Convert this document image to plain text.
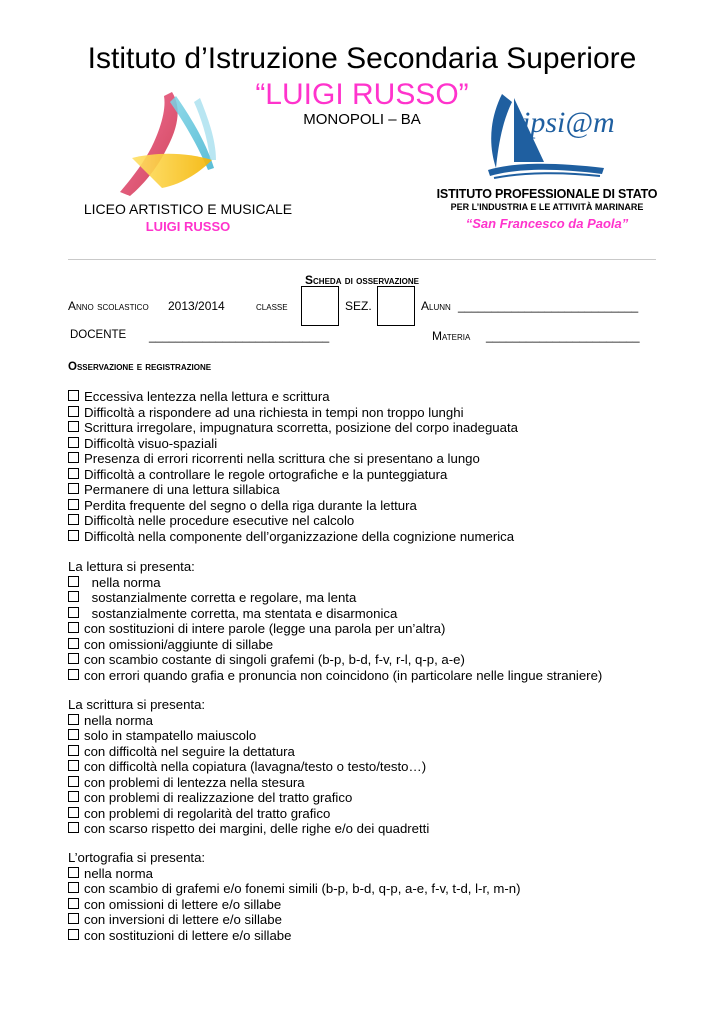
Istituto d’Istruzione Secondaria Superiore
“LUIGI RUSSO”
MONOPOLI – BA	ipsi@m
LICEO ARTISTICO E MUSICALE
LUIGI RUSSO
ISTITUTO PROFESSIONALE DI STATO
PER L’INDUSTRIA E LE ATTIVITÀ MARINARE
“San Francesco da Paola”
Scheda di osservazione
Anno scolastico 2013/2014	classe	SEZ.	Alunn ___________________________
DOCENTE ___________________________	Materia _______________________
Osservazione e registrazione
Eccessiva lentezza nella lettura e scrittura
Difficoltà a rispondere ad una richiesta in tempi non troppo lunghi
Scrittura irregolare, impugnatura scorretta, posizione del corpo inadeguata
Difficoltà visuo-spaziali
Presenza di errori ricorrenti nella scrittura che si presentano a lungo
Difficoltà a controllare le regole ortografiche e la punteggiatura
Permanere di una lettura sillabica
Perdita frequente del segno o della riga durante la lettura
Difficoltà nelle procedure esecutive nel calcolo
Difficoltà nella componente dell’organizzazione della cognizione numerica
La lettura si presenta:
nella norma
sostanzialmente corretta e regolare, ma lenta
sostanzialmente corretta, ma stentata e disarmonica
con sostituzioni di intere parole (legge una parola per un’altra)
con omissioni/aggiunte di sillabe
con scambio costante di singoli grafemi (b-p, b-d, f-v, r-l, q-p, a-e)
con errori quando grafia e pronuncia non coincidono (in particolare nelle lingue straniere)
La scrittura si presenta:
nella norma
solo in stampatello maiuscolo
con difficoltà nel seguire la dettatura
con difficoltà nella copiatura (lavagna/testo o testo/testo…)
con problemi di lentezza nella stesura
con problemi di realizzazione del tratto grafico
con problemi di regolarità del tratto grafico
con scarso rispetto dei margini, delle righe e/o dei quadretti
L’ortografia si presenta:
nella norma
con scambio di grafemi e/o fonemi simili (b-p, b-d, q-p, a-e, f-v, t-d, l-r, m-n)
con omissioni di lettere e/o sillabe
con inversioni di lettere e/o sillabe
con sostituzioni di lettere e/o sillabe
